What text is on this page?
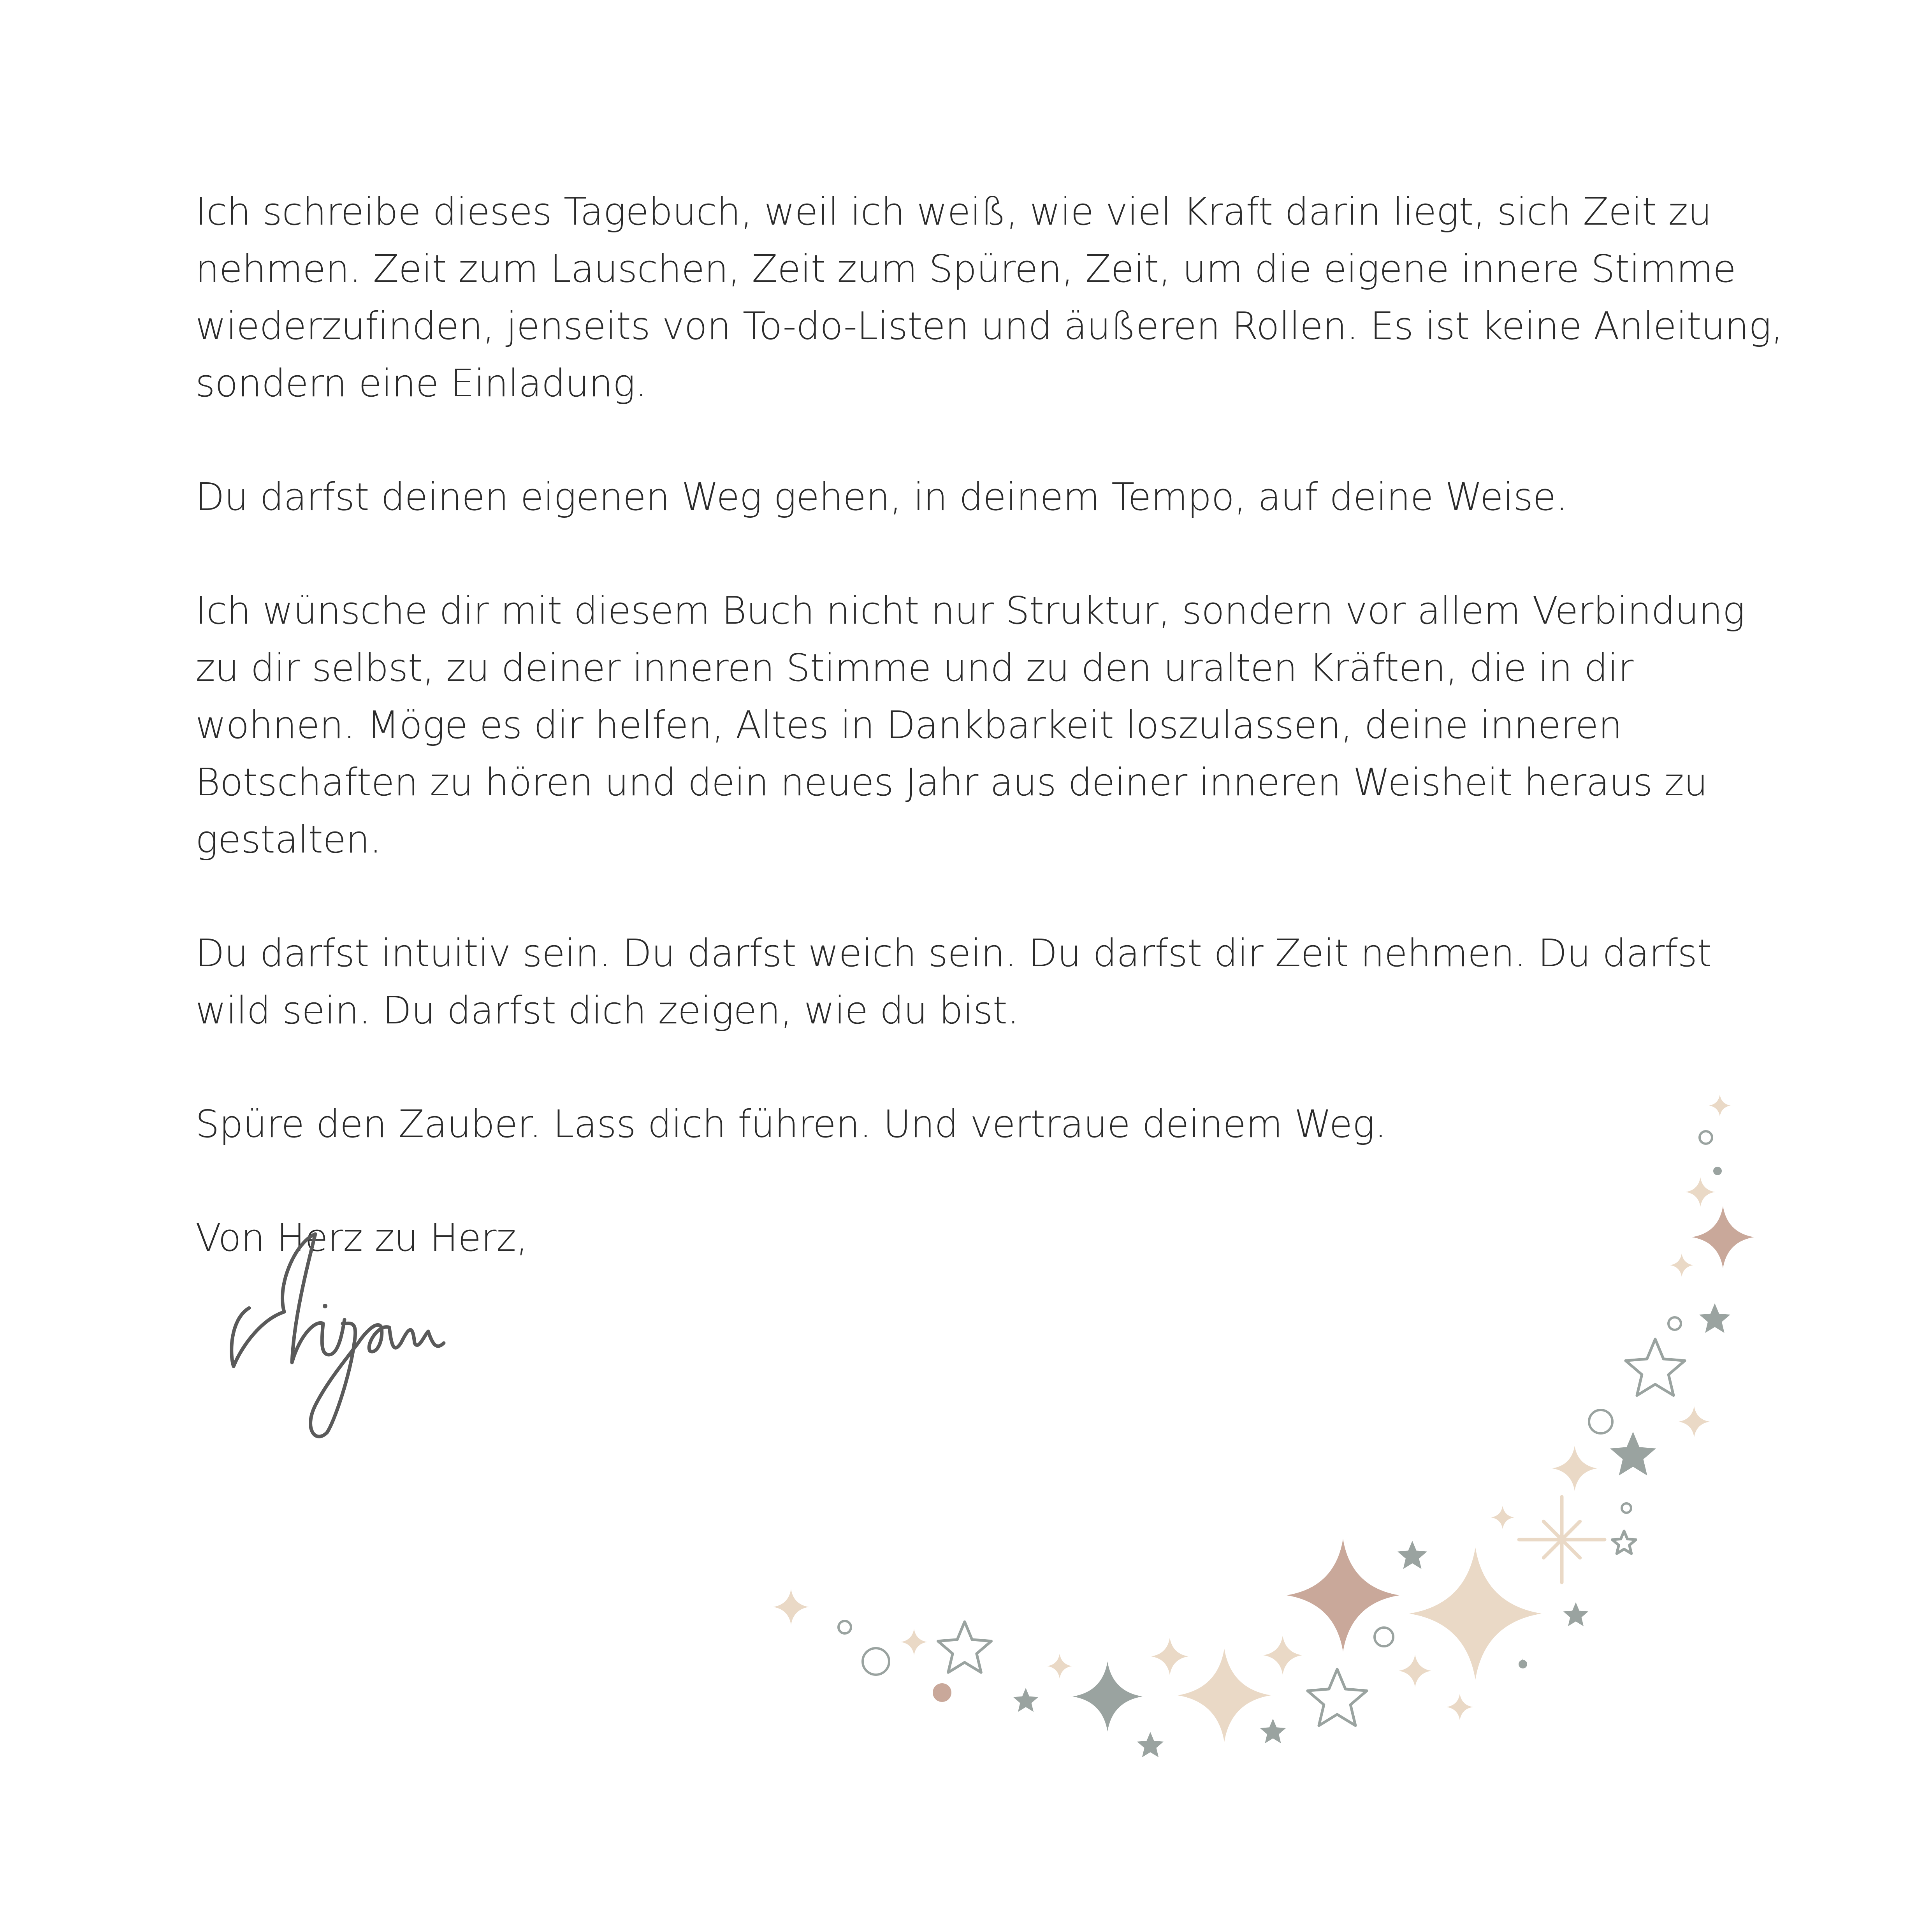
Ich schreibe dieses Tagebuch, weil ich weiß, wie viel Kraft darin liegt, sich Zeit zu nehmen. Zeit zum Lauschen, Zeit zum Spüren, Zeit, um die eigene innere Stimme wiederzufinden, jenseits von To-do-Listen und äußeren Rollen. Es ist keine Anleitung, sondern eine Einladung.

Du darfst deinen eigenen Weg gehen, in deinem Tempo, auf deine Weise.

Ich wünsche dir mit diesem Buch nicht nur Struktur, sondern vor allem Verbindung zu dir selbst, zu deiner inneren Stimme und zu den uralten Kräften, die in dir wohnen. Möge es dir helfen, Altes in Dankbarkeit loszulassen, deine inneren Botschaften zu hören und dein neues Jahr aus deiner inneren Weisheit heraus zu gestalten.

Du darfst intuitiv sein. Du darfst weich sein. Du darfst dir Zeit nehmen. Du darfst wild sein. Du darfst dich zeigen, wie du bist.

Spüre den Zauber. Lass dich führen. Und vertraue deinem Weg.

Von Herz zu Herz,
